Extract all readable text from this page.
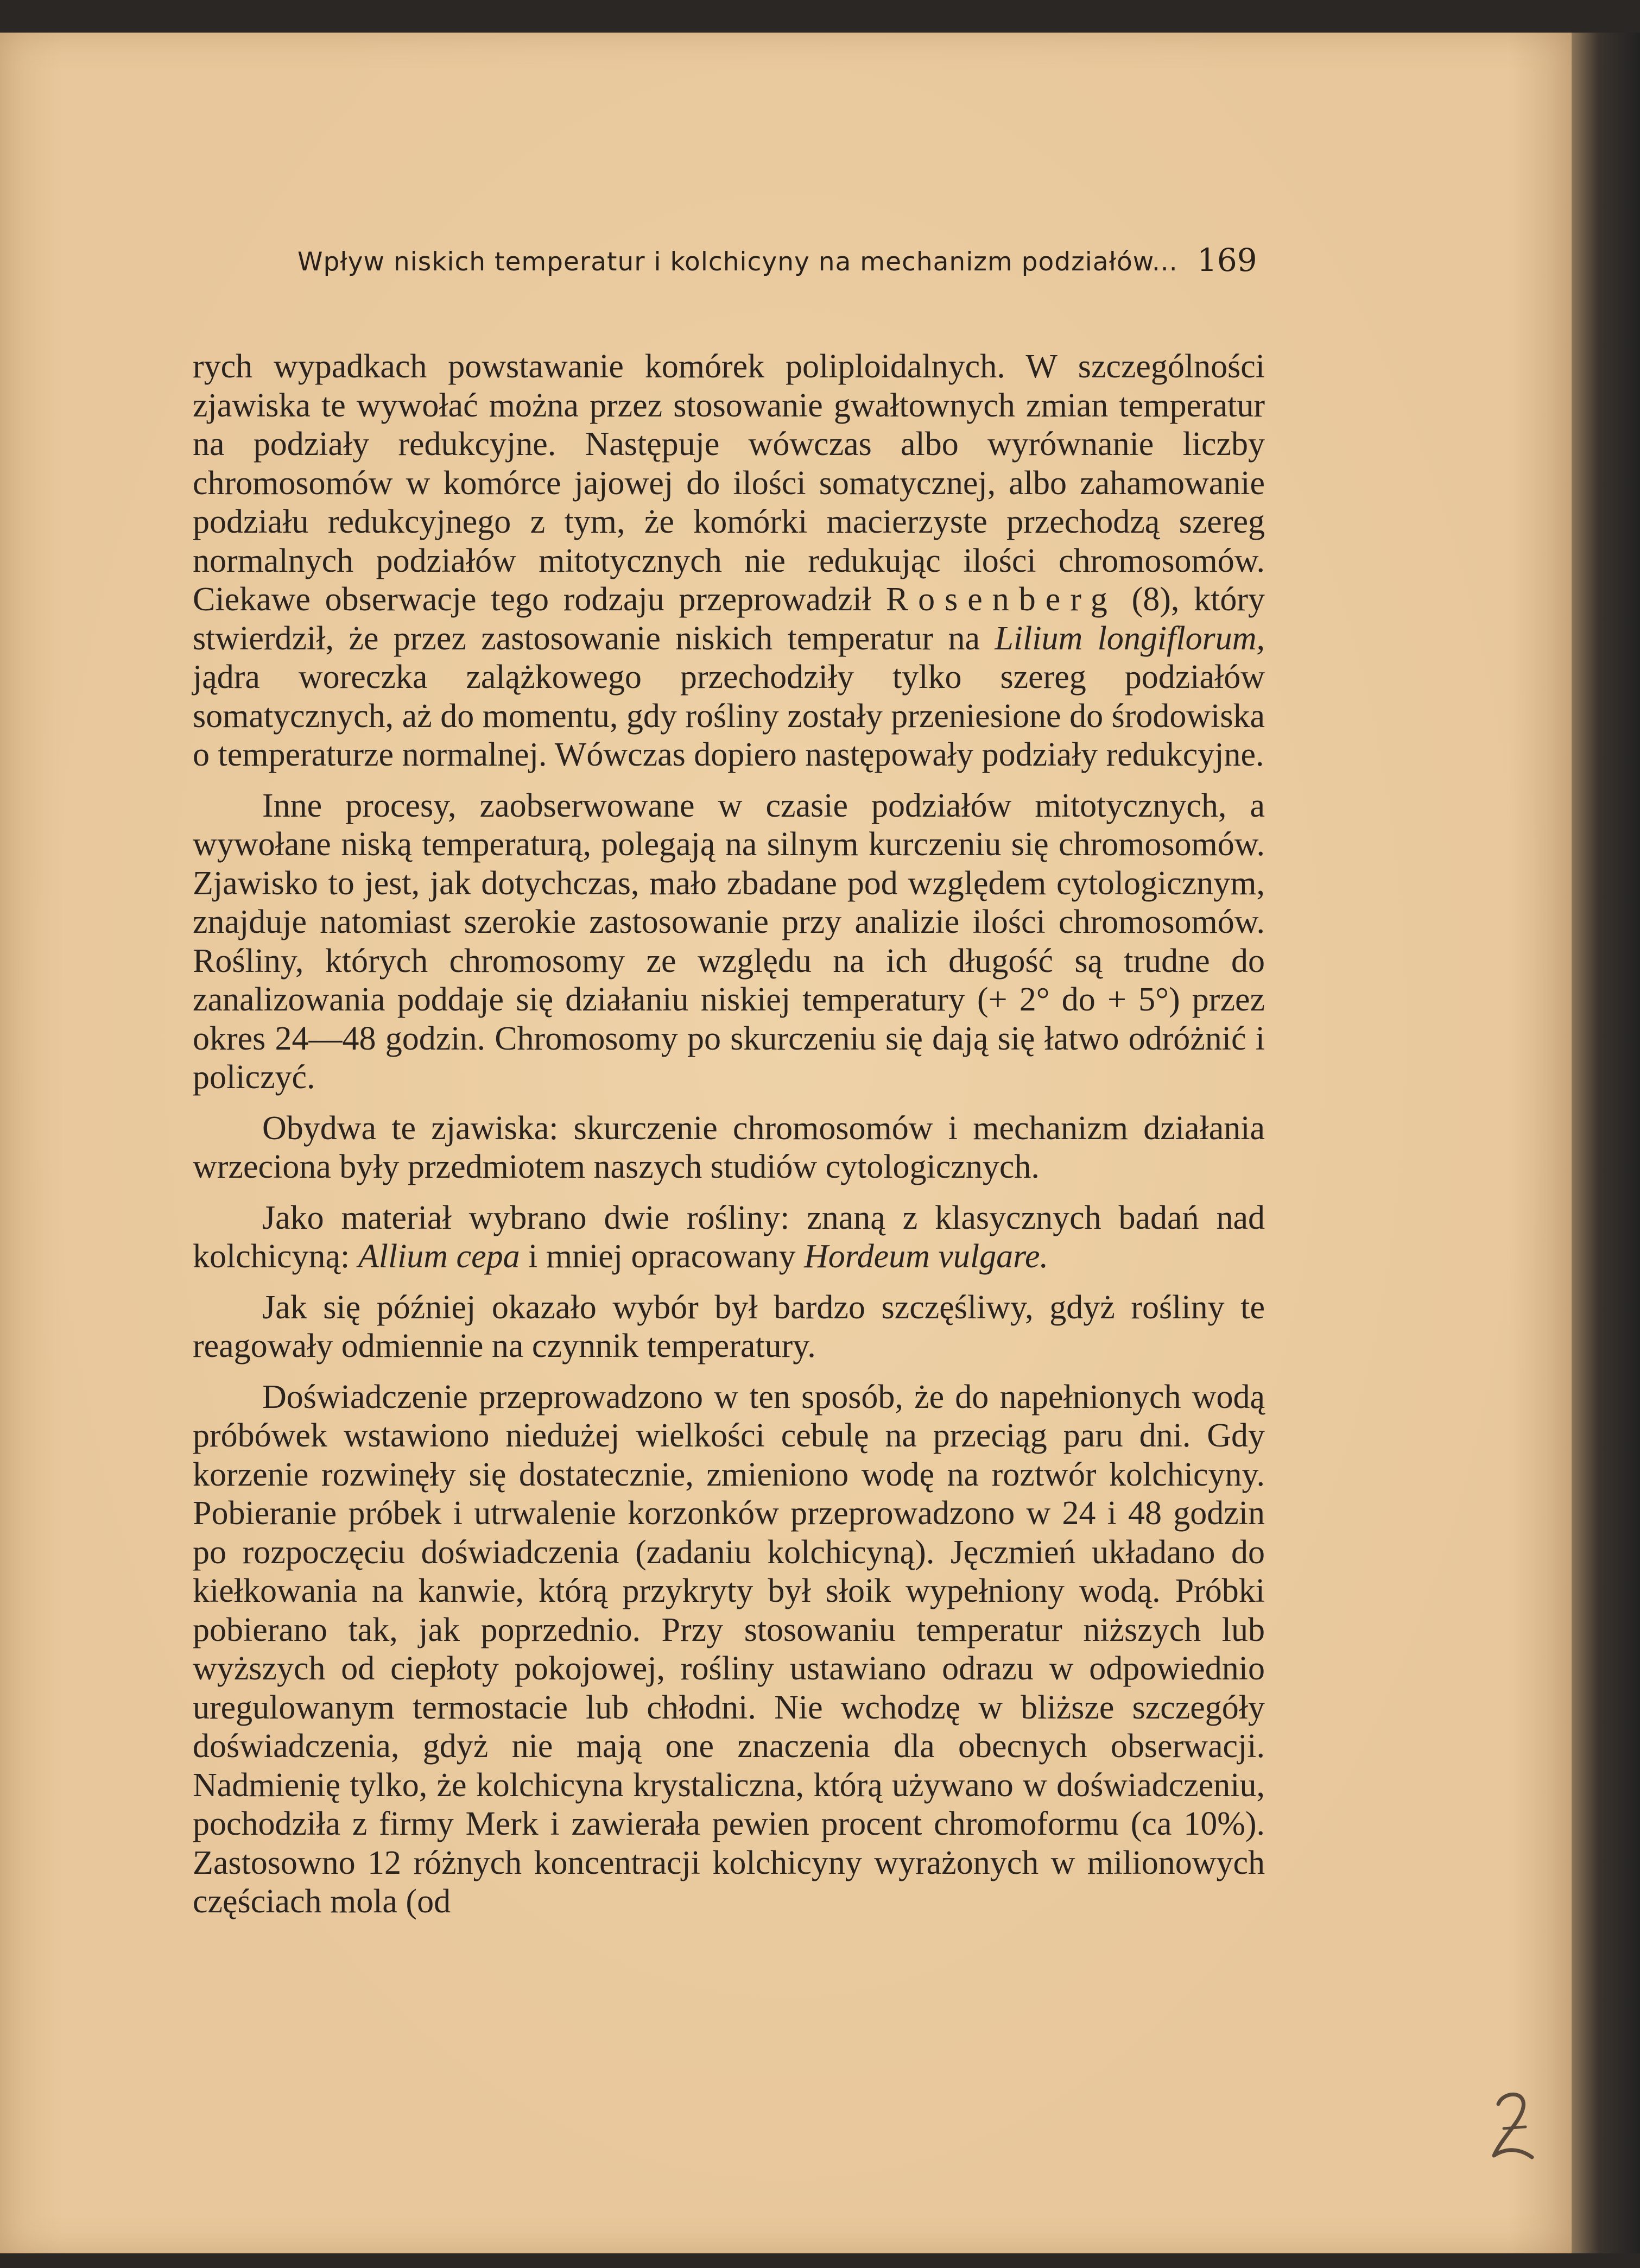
Wpływ niskich temperatur i kolchicyny na mechanizm podziałów... 169

rych wypadkach powstawanie komórek poliploidalnych. W szczególności zjawiska te wywołać można przez stosowanie gwałtownych zmian temperatur na podziały redukcyjne. Następuje wówczas albo wyrównanie liczby chromosomów w komórce jajowej do ilości somatycznej, albo zahamowanie podziału redukcyjnego z tym, że komórki macierzyste przechodzą szereg normalnych podziałów mitotycznych nie redukując ilości chromosomów. Ciekawe obserwacje tego rodzaju przeprowadził Rosenberg (8), który stwierdził, że przez zastosowanie niskich temperatur na Lilium longiflorum, jądra woreczka zalążkowego przechodziły tylko szereg podziałów somatycznych, aż do momentu, gdy rośliny zostały przeniesione do środowiska o temperaturze normalnej. Wówczas dopiero następowały podziały redukcyjne.

Inne procesy, zaobserwowane w czasie podziałów mitotycznych, a wywołane niską temperaturą, polegają na silnym kurczeniu się chromosomów. Zjawisko to jest, jak dotychczas, mało zbadane pod względem cytologicznym, znajduje natomiast szerokie zastosowanie przy analizie ilości chromosomów. Rośliny, których chromosomy ze względu na ich długość są trudne do zanalizowania poddaje się działaniu niskiej temperatury (+ 2° do + 5°) przez okres 24—48 godzin. Chromosomy po skurczeniu się dają się łatwo odróżnić i policzyć.

Obydwa te zjawiska: skurczenie chromosomów i mechanizm działania wrzeciona były przedmiotem naszych studiów cytologicznych.

Jako materiał wybrano dwie rośliny: znaną z klasycznych badań nad kolchicyną: Allium cepa i mniej opracowany Hordeum vulgare.

Jak się później okazało wybór był bardzo szczęśliwy, gdyż rośliny te reagowały odmiennie na czynnik temperatury.

Doświadczenie przeprowadzono w ten sposób, że do napełnionych wodą próbówek wstawiono niedużej wielkości cebulę na przeciąg paru dni. Gdy korzenie rozwinęły się dostatecznie, zmieniono wodę na roztwór kolchicyny. Pobieranie próbek i utrwalenie korzonków przeprowadzono w 24 i 48 godzin po rozpoczęciu doświadczenia (zadaniu kolchicyną). Jęczmień układano do kiełkowania na kanwie, którą przykryty był słoik wypełniony wodą. Próbki pobierano tak, jak poprzednio. Przy stosowaniu temperatur niższych lub wyższych od ciepłoty pokojowej, rośliny ustawiano odrazu w odpowiednio uregulowanym termostacie lub chłodni. Nie wchodzę w bliższe szczegóły doświadczenia, gdyż nie mają one znaczenia dla obecnych obserwacji. Nadmienię tylko, że kolchicyna krystaliczna, którą używano w doświadczeniu, pochodziła z firmy Merk i zawierała pewien procent chromoformu (ca 10%). Zastosowno 12 różnych koncentracji kolchicyny wyrażonych w milionowych częściach mola (od
